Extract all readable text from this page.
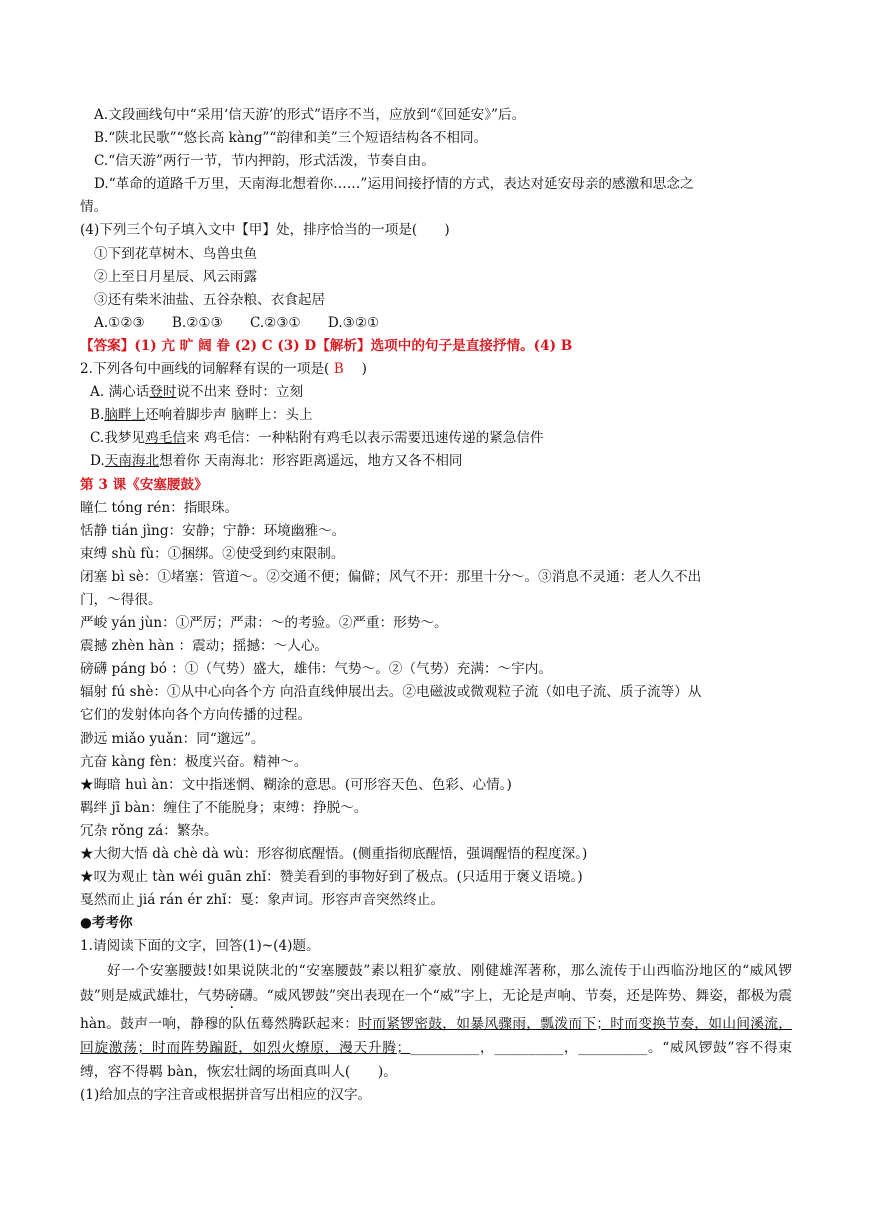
A.文段画线句中“采用‘信天游’的形式”语序不当，应放到“《回延安》”后。
B.“陕北民歌”“悠长高 kàng”“韵律和美”三个短语结构各不相同。
C.“信天游”两行一节，节内押韵，形式活泼，节奏自由。
D.“革命的道路千万里，天南海北想着你……”运用间接抒情的方式，表达对延安母亲的感激和思念之
情。
(4)下列三个句子填入文中【甲】处，排序恰当的一项是(　　)
①下到花草树木、鸟兽虫鱼
②上至日月星辰、风云雨露
③还有柴米油盐、五谷杂粮、衣食起居
A.①②③　　B.②①③　　C.②③①　　D.③②①
【答案】(1) 亢 旷 阔 眷 (2) C (3) D【解析】选项中的句子是直接抒情。(4) B
2.下列各句中画线的词解释有误的一项是( B 　)
A. 满心话登时说不出来 登时：立刻
B.脑畔上还响着脚步声 脑畔上：头上
C.我梦见鸡毛信来 鸡毛信：一种粘附有鸡毛以表示需要迅速传递的紧急信件
D.天南海北想着你 天南海北：形容距离遥远，地方又各不相同
第 3 课《安塞腰鼓》
瞳仁 tóng rén：指眼珠。
恬静 tián jìng：安静；宁静：环境幽雅～。
束缚 shù fù：①捆绑。②使受到约束限制。
闭塞 bì sè：①堵塞：管道～。②交通不便；偏僻；风气不开：那里十分～。③消息不灵通：老人久不出
门，～得很。
严峻 yán jùn：①严厉；严肃：～的考验。②严重：形势～。
震撼 zhèn hàn ：震动；摇撼：～人心。
磅礴 páng bó ：①（气势）盛大，雄伟：气势～。②（气势）充满：～宇内。
辐射 fú shè：①从中心向各个方 向沿直线伸展出去。②电磁波或微观粒子流（如电子流、质子流等）从
它们的发射体向各个方向传播的过程。
渺远 miǎo yuǎn：同“邈远”。
亢奋 kàng fèn：极度兴奋。精神～。
★晦暗 huì àn：文中指迷惘、糊涂的意思。(可形容天色、色彩、心情。)
羁绊 jī bàn：缠住了不能脱身；束缚：挣脱～。
冗杂 rǒng zá：繁杂。
★大彻大悟 dà chè dà wù：形容彻底醒悟。(侧重指彻底醒悟，强调醒悟的程度深。)
★叹为观止 tàn wéi guān zhǐ：赞美看到的事物好到了极点。(只适用于褒义语境。)
戛然而止 jiá rán ér zhǐ：戛：象声词。形容声音突然终止。
●考考你
1.请阅读下面的文字，回答(1)~(4)题。
好一个安塞腰鼓!如果说陕北的“安塞腰鼓”素以粗犷豪放、刚健雄浑著称，那么流传于山西临汾地区的“威风锣鼓”则是威武雄壮，气势磅礴。“威风锣鼓”突出表现在一个“威”字上，无论是声响、节奏，还是阵势、舞姿，都极为震 hàn。鼓声一响，静穆的队伍蓦然腾跃起来：时而紧锣密鼓，如暴风骤雨，瓢泼而下；时而变换节奏，如山间溪流，回旋激荡；时而阵势蹁跹，如烈火燎原，漫天升腾；__________，__________，__________。“威风锣鼓”容不得束缚，容不得羁 bàn，恢宏壮阔的场面真叫人(　　)。
(1)给加点的字注音或根据拼音写出相应的汉字。
